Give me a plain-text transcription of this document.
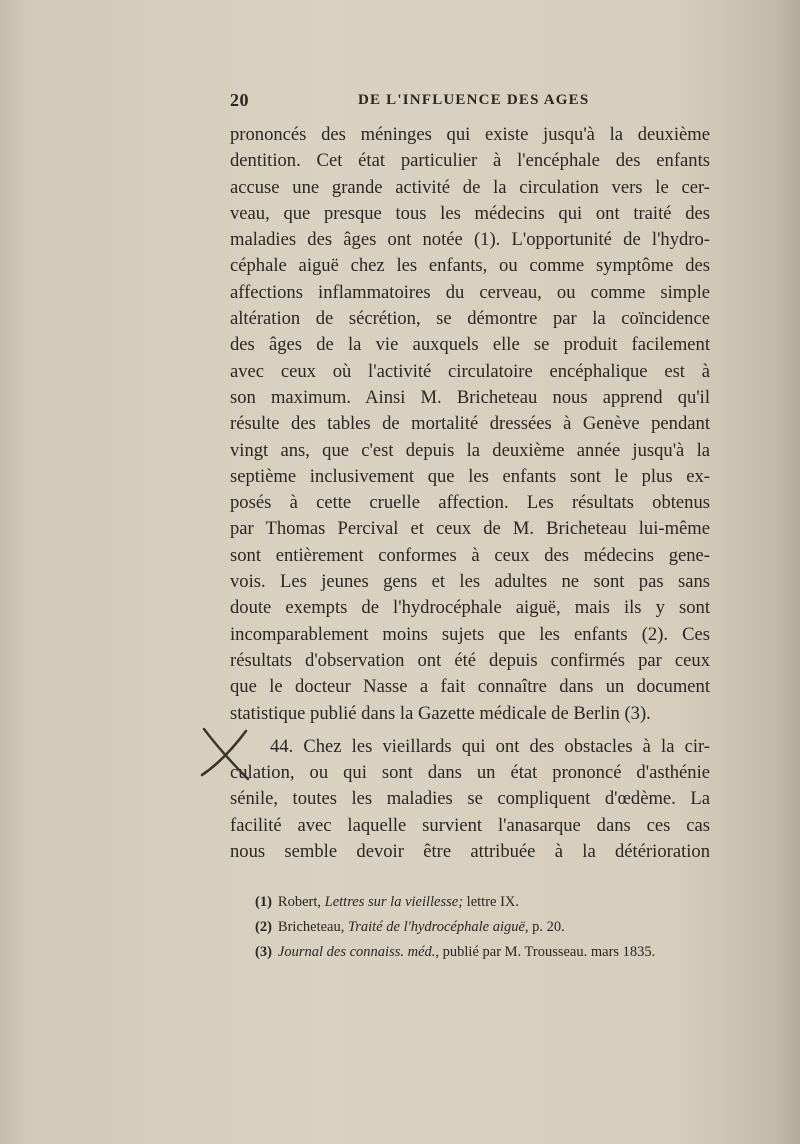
20	DE L'INFLUENCE DES AGES
prononcés des méninges qui existe jusqu'à la deuxième
dentition. Cet état particulier à l'encéphale des enfants
accuse une grande activité de la circulation vers le cer-
veau, que presque tous les médecins qui ont traité des
maladies des âges ont notée (1). L'opportunité de l'hydro-
céphale aiguë chez les enfants, ou comme symptôme des
affections inflammatoires du cerveau, ou comme simple
altération de sécrétion, se démontre par la coïncidence
des âges de la vie auxquels elle se produit facilement
avec ceux où l'activité circulatoire encéphalique est à
son maximum. Ainsi M. Bricheteau nous apprend qu'il
résulte des tables de mortalité dressées à Genève pendant
vingt ans, que c'est depuis la deuxième année jusqu'à la
septième inclusivement que les enfants sont le plus ex-
posés à cette cruelle affection. Les résultats obtenus
par Thomas Percival et ceux de M. Bricheteau lui-même
sont entièrement conformes à ceux des médecins gene-
vois. Les jeunes gens et les adultes ne sont pas sans
doute exempts de l'hydrocéphale aiguë, mais ils y sont
incomparablement moins sujets que les enfants (2). Ces
résultats d'observation ont été depuis confirmés par ceux
que le docteur Nasse a fait connaître dans un document
statistique publié dans la Gazette médicale de Berlin (3).
44. Chez les vieillards qui ont des obstacles à la cir-
culation, ou qui sont dans un état prononcé d'asthénie
sénile, toutes les maladies se compliquent d'œdème. La
facilité avec laquelle survient l'anasarque dans ces cas
nous semble devoir être attribuée à la détérioration
(1) Robert, Lettres sur la vieillesse; lettre IX.
(2) Bricheteau, Traité de l'hydrocéphale aiguë, p. 20.
(3) Journal des connaiss. méd., publié par M. Trousseau. mars 1835.
